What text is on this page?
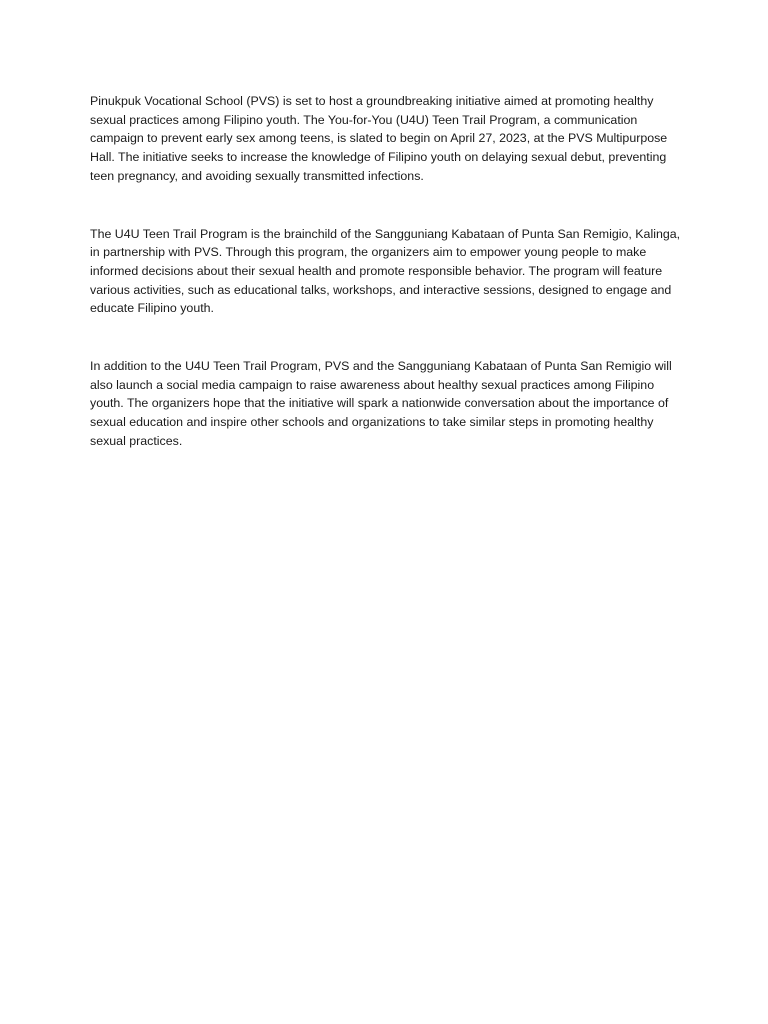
Pinukpuk Vocational School (PVS) is set to host a groundbreaking initiative aimed at promoting healthy sexual practices among Filipino youth. The You-for-You (U4U) Teen Trail Program, a communication campaign to prevent early sex among teens, is slated to begin on April 27, 2023, at the PVS Multipurpose Hall. The initiative seeks to increase the knowledge of Filipino youth on delaying sexual debut, preventing teen pregnancy, and avoiding sexually transmitted infections.

The U4U Teen Trail Program is the brainchild of the Sangguniang Kabataan of Punta San Remigio, Kalinga, in partnership with PVS. Through this program, the organizers aim to empower young people to make informed decisions about their sexual health and promote responsible behavior. The program will feature various activities, such as educational talks, workshops, and interactive sessions, designed to engage and educate Filipino youth.

In addition to the U4U Teen Trail Program, PVS and the Sangguniang Kabataan of Punta San Remigio will also launch a social media campaign to raise awareness about healthy sexual practices among Filipino youth. The organizers hope that the initiative will spark a nationwide conversation about the importance of sexual education and inspire other schools and organizations to take similar steps in promoting healthy sexual practices.
